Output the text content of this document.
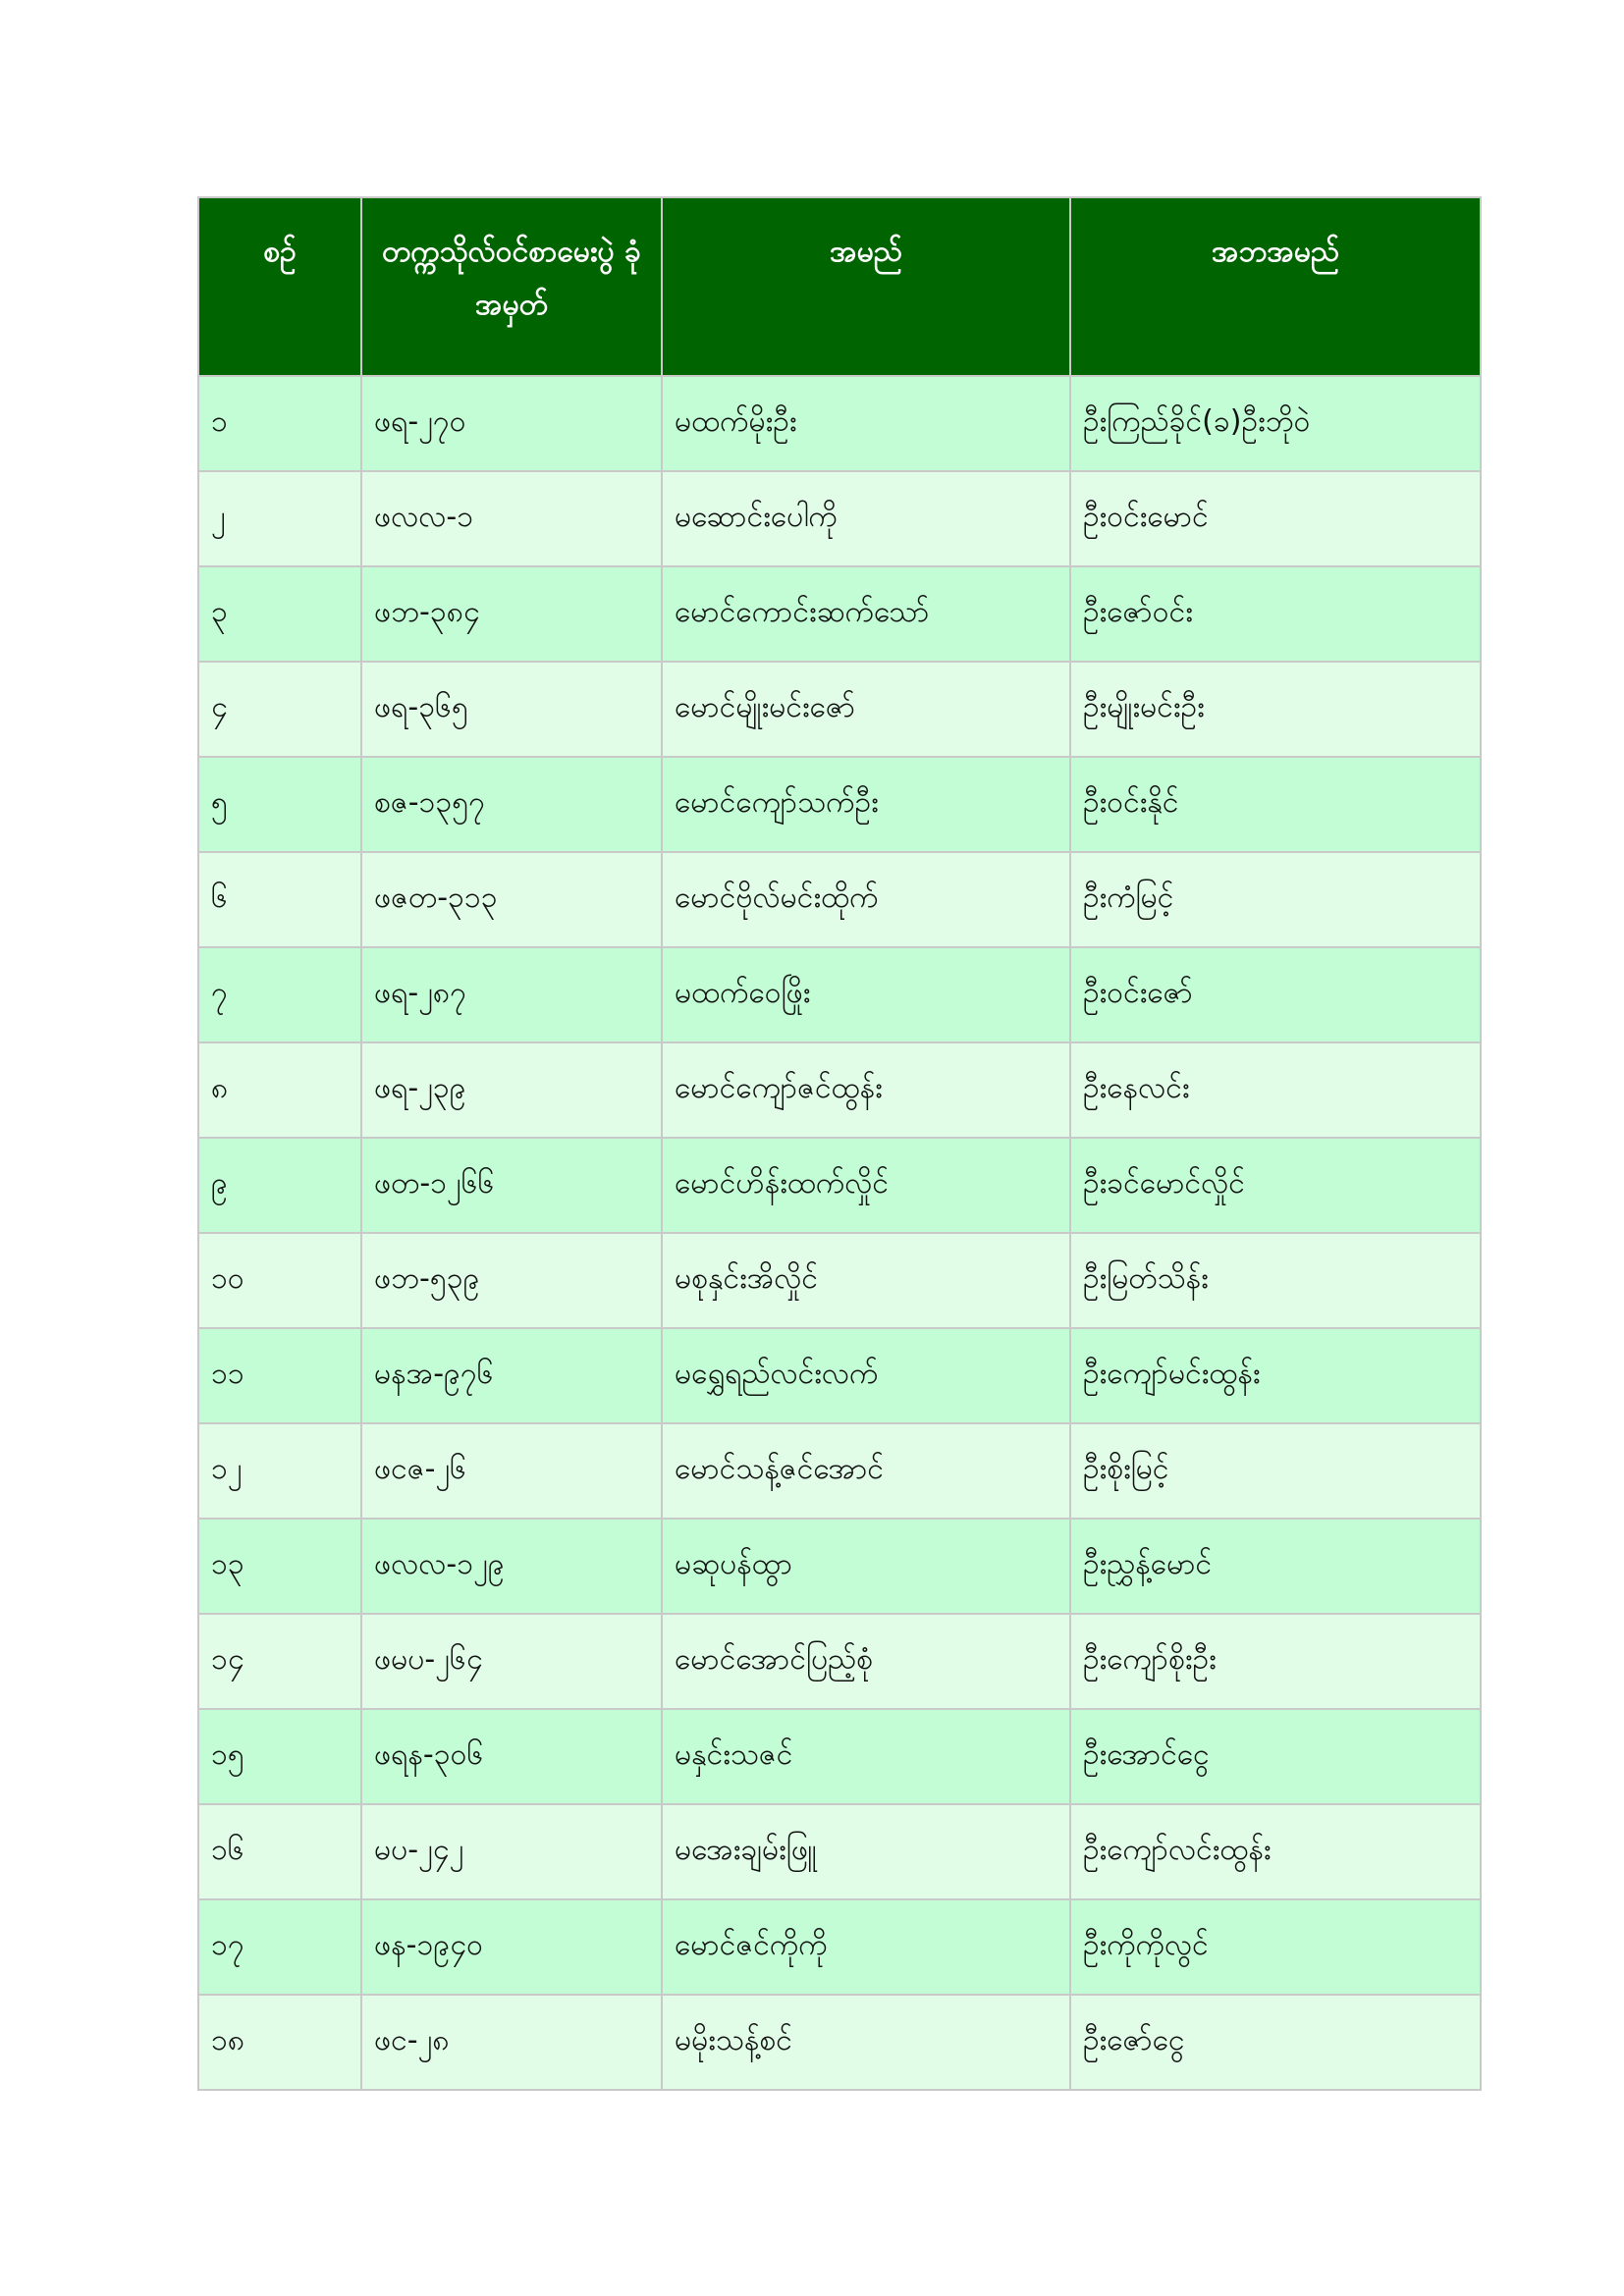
စဉ်	တက္ကသိုလ်ဝင်စာမေးပွဲ ခုံအမှတ်	အမည်	အဘအမည်
၁	ဖရ-၂၇၀	မထက်မိုးဦး	ဦးကြည်ခိုင်(ခ)ဦးဘိုဝဲ
၂	ဖလလ-၁	မဆောင်းပေါကို	ဦးဝင်းမောင်
၃	ဖဘ-၃၈၄	မောင်ကောင်းဆက်သော်	ဦးဇော်ဝင်း
၄	ဖရ-၃၆၅	မောင်မျိုးမင်းဇော်	ဦးမျိုးမင်းဦး
၅	စဇ-၁၃၅၇	မောင်ကျော်သက်ဦး	ဦးဝင်းနိုင်
၆	ဖဇတ-၃၁၃	မောင်ဗိုလ်မင်းထိုက်	ဦးကံမြင့်
၇	ဖရ-၂၈၇	မထက်ဝေဖြိုး	ဦးဝင်းဇော်
၈	ဖရ-၂၃၉	မောင်ကျော်ဇင်ထွန်း	ဦးနေလင်း
၉	ဖတ-၁၂၆၆	မောင်ဟိန်းထက်လှိုင်	ဦးခင်မောင်လှိုင်
၁၀	ဖဘ-၅၃၉	မစုနှင်းအိလှိုင်	ဦးမြတ်သိန်း
၁၁	မနအ-၉၇၆	မရွှေရည်လင်းလက်	ဦးကျော်မင်းထွန်း
၁၂	ဖငဇ-၂၆	မောင်သန့်ဇင်အောင်	ဦးစိုးမြင့်
၁၃	ဖလလ-၁၂၉	မဆုပန်ထွာ	ဦးညွှန့်မောင်
၁၄	ဖမပ-၂၆၄	မောင်အောင်ပြည့်စုံ	ဦးကျော်စိုးဦး
၁၅	ဖရန-၃၀၆	မနှင်းသဇင်	ဦးအောင်ငွေ
၁၆	မပ-၂၄၂	မအေးချမ်းဖြူ	ဦးကျော်လင်းထွန်း
၁၇	ဖန-၁၉၄၀	မောင်ဇင်ကိုကို	ဦးကိုကိုလွင်
၁၈	ဖင-၂၈	မမိုးသန့်စင်	ဦးဇော်ငွေ
